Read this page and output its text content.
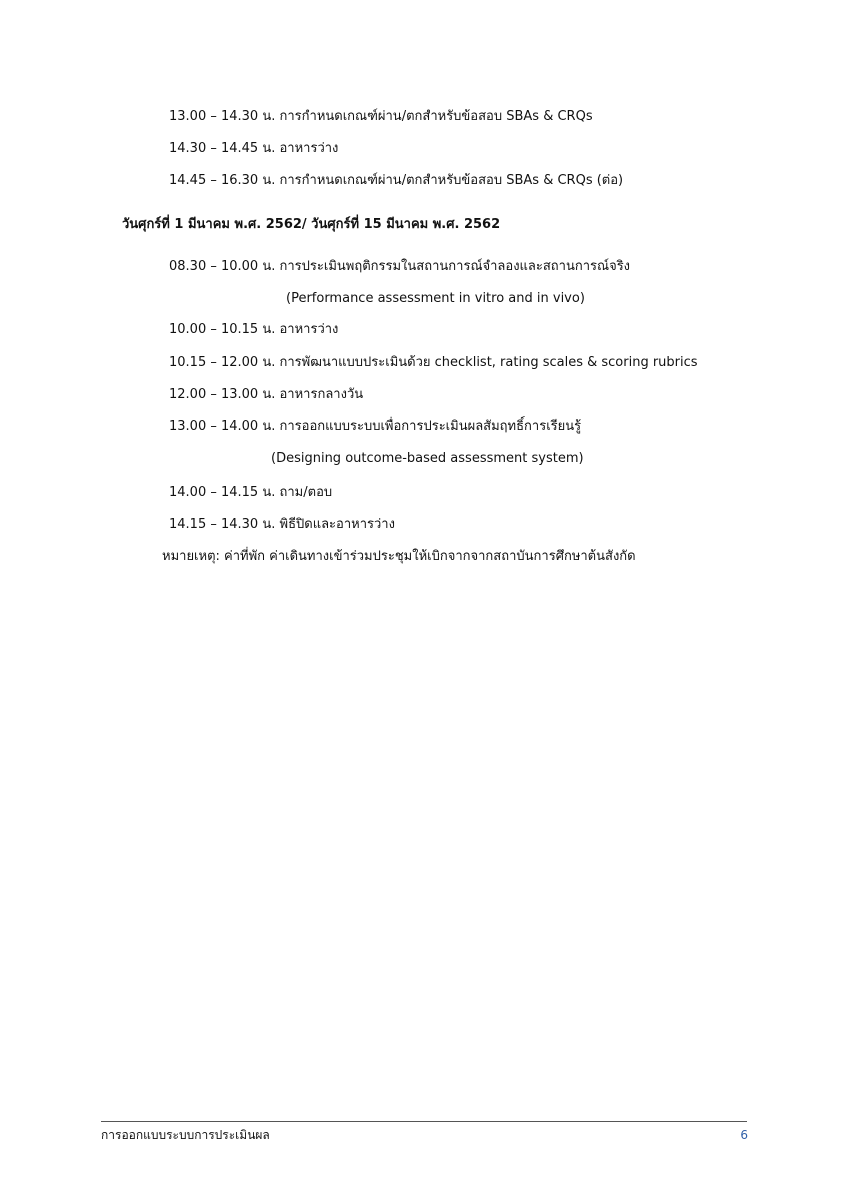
13.00 – 14.30 น. การกำหนดเกณฑ์ผ่าน/ตกสำหรับข้อสอบ SBAs & CRQs
14.30 – 14.45 น. อาหารว่าง
14.45 – 16.30 น. การกำหนดเกณฑ์ผ่าน/ตกสำหรับข้อสอบ SBAs & CRQs (ต่อ)
วันศุกร์ที่ 1 มีนาคม พ.ศ. 2562/ วันศุกร์ที่ 15 มีนาคม พ.ศ. 2562
08.30 – 10.00 น. การประเมินพฤติกรรมในสถานการณ์จำลองและสถานการณ์จริง
(Performance assessment in vitro and in vivo)
10.00 – 10.15 น. อาหารว่าง
10.15 – 12.00 น. การพัฒนาแบบประเมินด้วย checklist, rating scales & scoring rubrics
12.00 – 13.00 น. อาหารกลางวัน
13.00 – 14.00 น. การออกแบบระบบเพื่อการประเมินผลสัมฤทธิ์การเรียนรู้
(Designing outcome-based assessment system)
14.00 – 14.15 น. ถาม/ตอบ
14.15 – 14.30 น. พิธีปิดและอาหารว่าง
หมายเหตุ: ค่าที่พัก ค่าเดินทางเข้าร่วมประชุมให้เบิกจากจากสถาบันการศึกษาต้นสังกัด
การออกแบบระบบการประเมินผล	6
